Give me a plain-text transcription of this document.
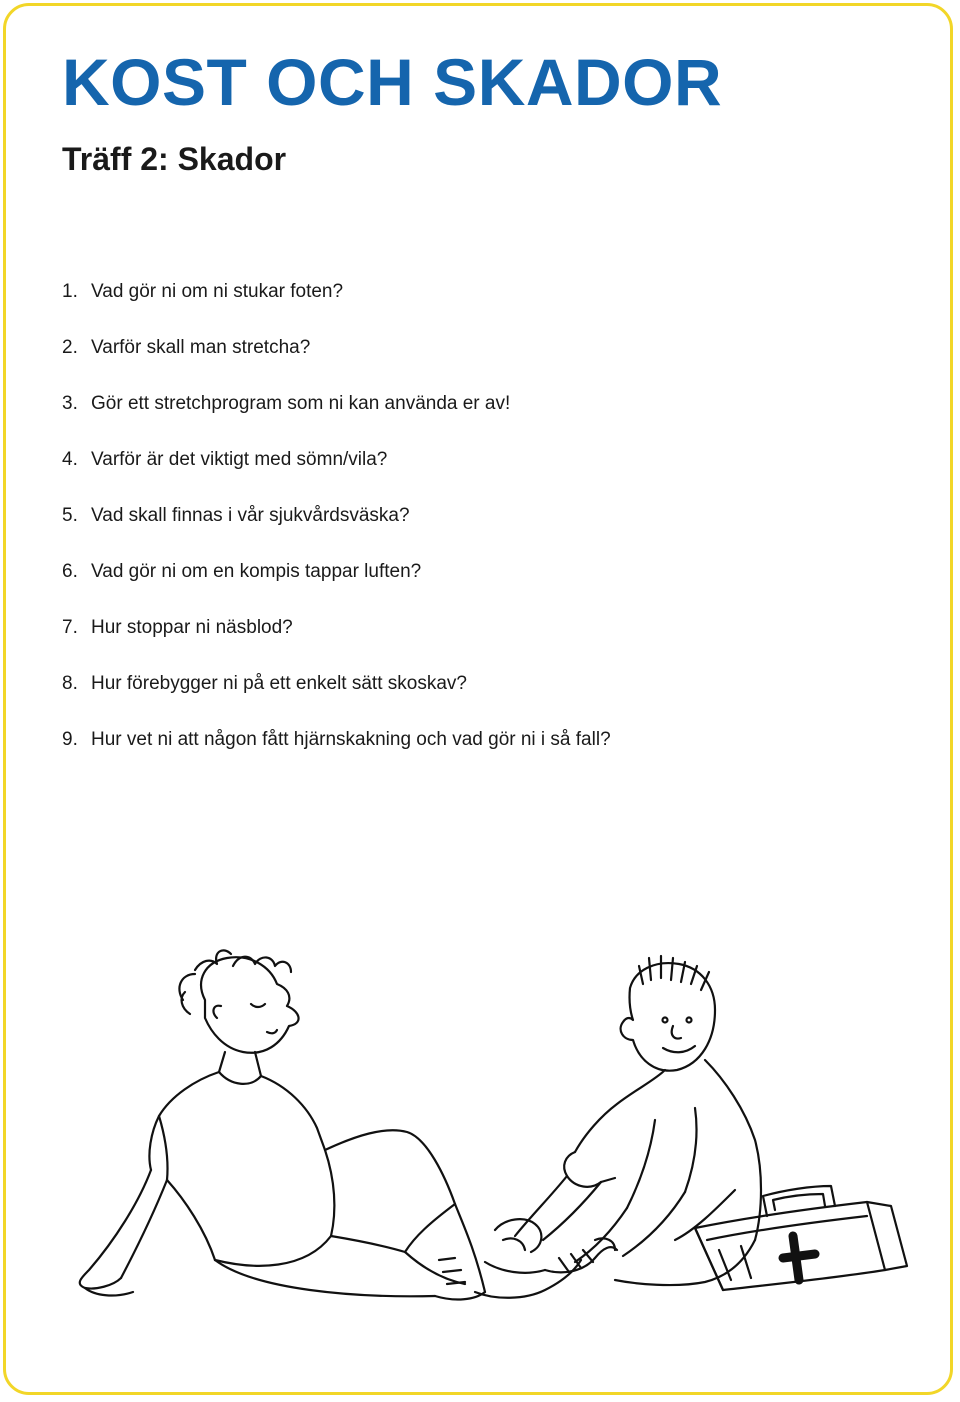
KOST OCH SKADOR
Träff 2: Skador
1. Vad gör ni om ni stukar foten?
2. Varför skall man stretcha?
3. Gör ett stretchprogram som ni kan använda er av!
4. Varför är det viktigt med sömn/vila?
5. Vad skall finnas i vår sjukvårdsväska?
6. Vad gör ni om en kompis tappar luften?
7. Hur stoppar ni näsblod?
8. Hur förebygger ni på ett enkelt sätt skoskav?
9. Hur vet ni att någon fått hjärnskakning och vad gör ni i så fall?
